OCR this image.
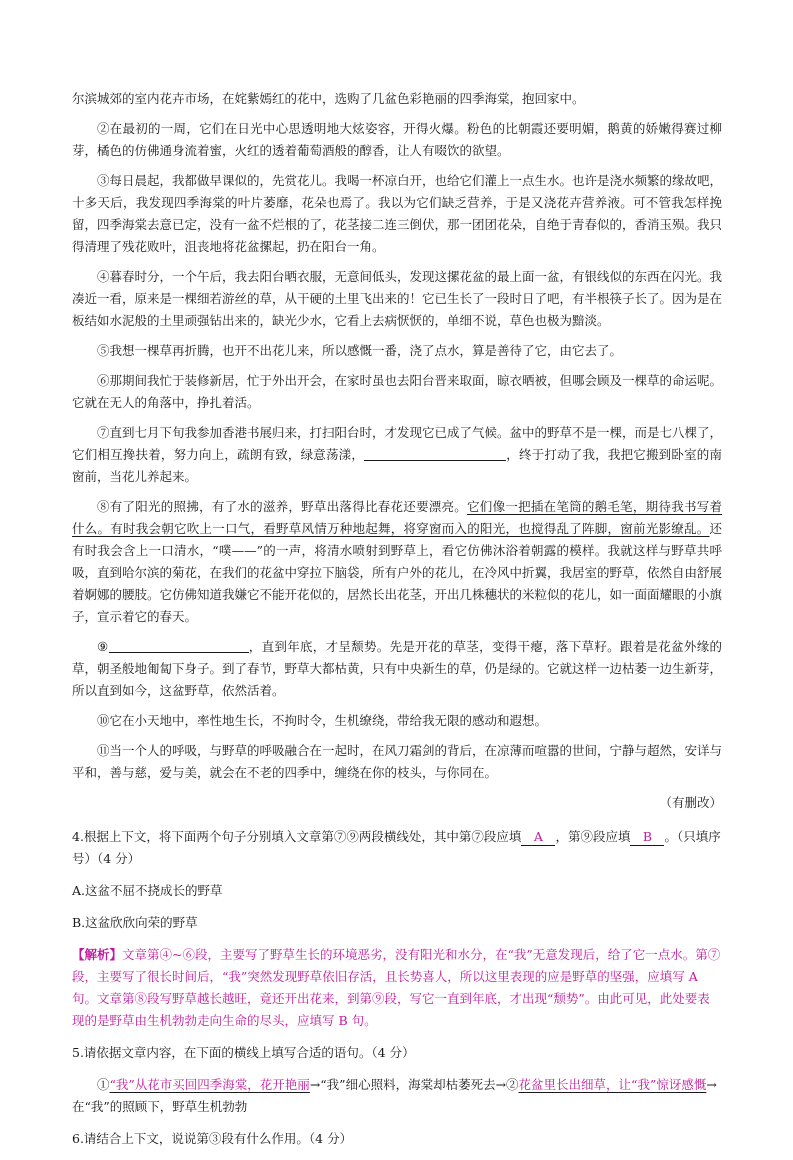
尔滨城郊的室内花卉市场，在姹紫嫣红的花中，选购了几盆色彩艳丽的四季海棠，抱回家中。

②在最初的一周，它们在日光中心思透明地大炫姿容，开得火爆。粉色的比朝霞还要明媚，鹅黄的娇嫩得赛过柳芽，橘色的仿佛通身流着蜜，火红的透着葡萄酒般的醇香，让人有啜饮的欲望。

③每日晨起，我都做早课似的，先赏花儿。我喝一杯凉白开，也给它们灌上一点生水。也许是浇水频繁的缘故吧，十多天后，我发现四季海棠的叶片萎靡，花朵也焉了。我以为它们缺乏营养，于是又浇花卉营养液。可不管我怎样挽留，四季海棠去意已定，没有一盆不烂根的了，花茎接二连三倒伏，那一团团花朵，自绝于青春似的，香消玉殒。我只得清理了残花败叶，沮丧地将花盆摞起，扔在阳台一角。

④暮春时分，一个午后，我去阳台晒衣服，无意间低头，发现这摞花盆的最上面一盆，有银线似的东西在闪光。我凑近一看，原来是一棵细若游丝的草，从干硬的土里飞出来的！它已生长了一段时日了吧，有半根筷子长了。因为是在板结如水泥般的土里顽强钻出来的，缺光少水，它看上去病恹恹的，单细不说，草色也极为黯淡。

⑤我想一棵草再折腾，也开不出花儿来，所以感慨一番，浇了点水，算是善待了它，由它去了。

⑥那期间我忙于装修新居，忙于外出开会，在家时虽也去阳台晋来取面，晾衣晒被，但哪会顾及一棵草的命运呢。它就在无人的角落中，挣扎着活。

⑦直到七月下旬我参加香港书展归来，打扫阳台时，才发现它已成了气候。盆中的野草不是一棵，而是七八棵了，它们相互搀扶着，努力向上，疏朗有致，绿意荡漾，	，终于打动了我，我把它搬到卧室的南窗前，当花儿养起来。

⑧有了阳光的照拂，有了水的滋养，野草出落得比春花还要漂亮。它们像一把插在笔筒的鹅毛笔，期待我书写着什么。有时我会朝它吹上一口气，看野草风情万种地起舞，将穿窗而入的阳光，也搅得乱了阵脚，窗前光影缭乱。还有时我会含上一口清水，“噗——”的一声，将清水喷射到野草上，看它仿佛沐浴着朝露的模样。我就这样与野草共呼吸，直到哈尔滨的菊花，在我们的花盆中穿拉下脑袋，所有户外的花儿，在冷风中折翼，我居室的野草，依然自由舒展着婀娜的腰肢。它仿佛知道我嫌它不能开花似的，居然长出花茎，开出几株穗状的米粒似的花儿，如一面面耀眼的小旗子，宣示着它的春天。

⑨	，直到年底，才呈颓势。先是开花的草茎，变得干瘪，落下草籽。跟着是花盆外缘的草，朝圣般地匍匐下身子。到了春节，野草大都枯黄，只有中央新生的草，仍是绿的。它就这样一边枯萎一边生新芽，所以直到如今，这盆野草，依然活着。

⑩它在小天地中，率性地生长，不拘时令，生机缭绕，带给我无限的感动和遐想。

⑪当一个人的呼吸，与野草的呼吸融合在一起时，在风刀霜剑的背后，在凉薄而喧嚣的世间，宁静与超然，安详与平和，善与慈，爱与美，就会在不老的四季中，缠绕在你的枝头，与你同在。

（有删改）

4.根据上下文，将下面两个句子分别填入文章第⑦⑨两段横线处，其中第⑦段应填 A ，第⑨段应填 B 。（只填序号）（4 分）

A.这盆不屈不挠成长的野草

B.这盆欣欣向荣的野草

【解析】文章第④~⑥段，主要写了野草生长的环境恶劣，没有阳光和水分，在“我”无意发现后，给了它一点水。第⑦段，主要写了很长时间后，“我”突然发现野草依旧存活，且长势喜人，所以这里表现的应是野草的坚强，应填写 A 句。文章第⑧段写野草越长越旺，竟还开出花来，到第⑨段，写它一直到年底，才出现“颓势”。由此可见，此处要表现的是野草由生机勃勃走向生命的尽头，应填写 B 句。

5.请依据文章内容，在下面的横线上填写合适的语句。（4 分）

①“我”从花市买回四季海棠，花开艳丽→“我”细心照料，海棠却枯萎死去→②花盆里长出细草，让“我”惊讶感慨→在“我”的照顾下，野草生机勃勃

6.请结合上下文，说说第③段有什么作用。（4 分）
